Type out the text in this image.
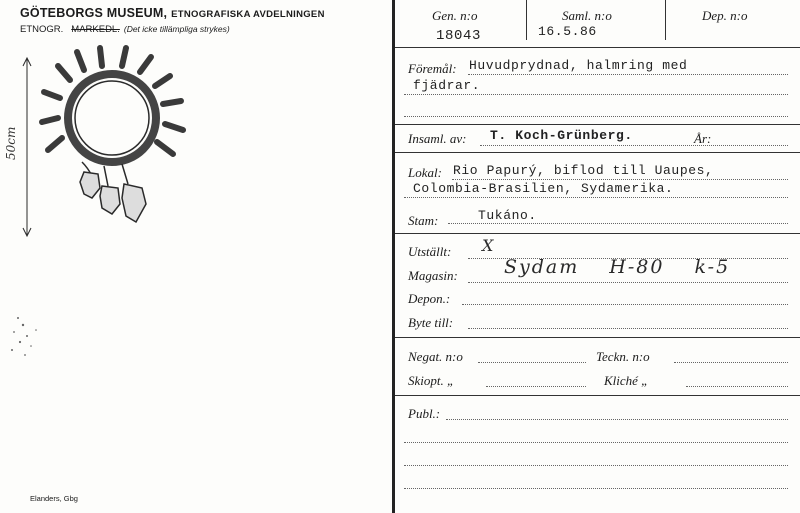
GÖTEBORGS MUSEUM, ETNOGRAFISKA AVDELNINGEN
ETNOGR. MARKEDL. (Det icke tillämpliga strykes)
50cm
Elanders, Gbg
Gen. n:o
18043
Saml. n:o
16.5.86
Dep. n:o
Föremål: Huvudprydnad, halmring med
fjädrar.
Insaml. av: T. Koch-Grünberg.	År:
Lokal: Rio Papurý, biflod till Uaupes,
Colombia-Brasilien, Sydamerika.
Stam:	Tukáno.
Utställt: X
Magasin: Sydam H-80 k-5
Depon.:
Byte till:
Negat. n:o	Teckn. n:o
Skiopt. „	Kliché „
Publ.:
